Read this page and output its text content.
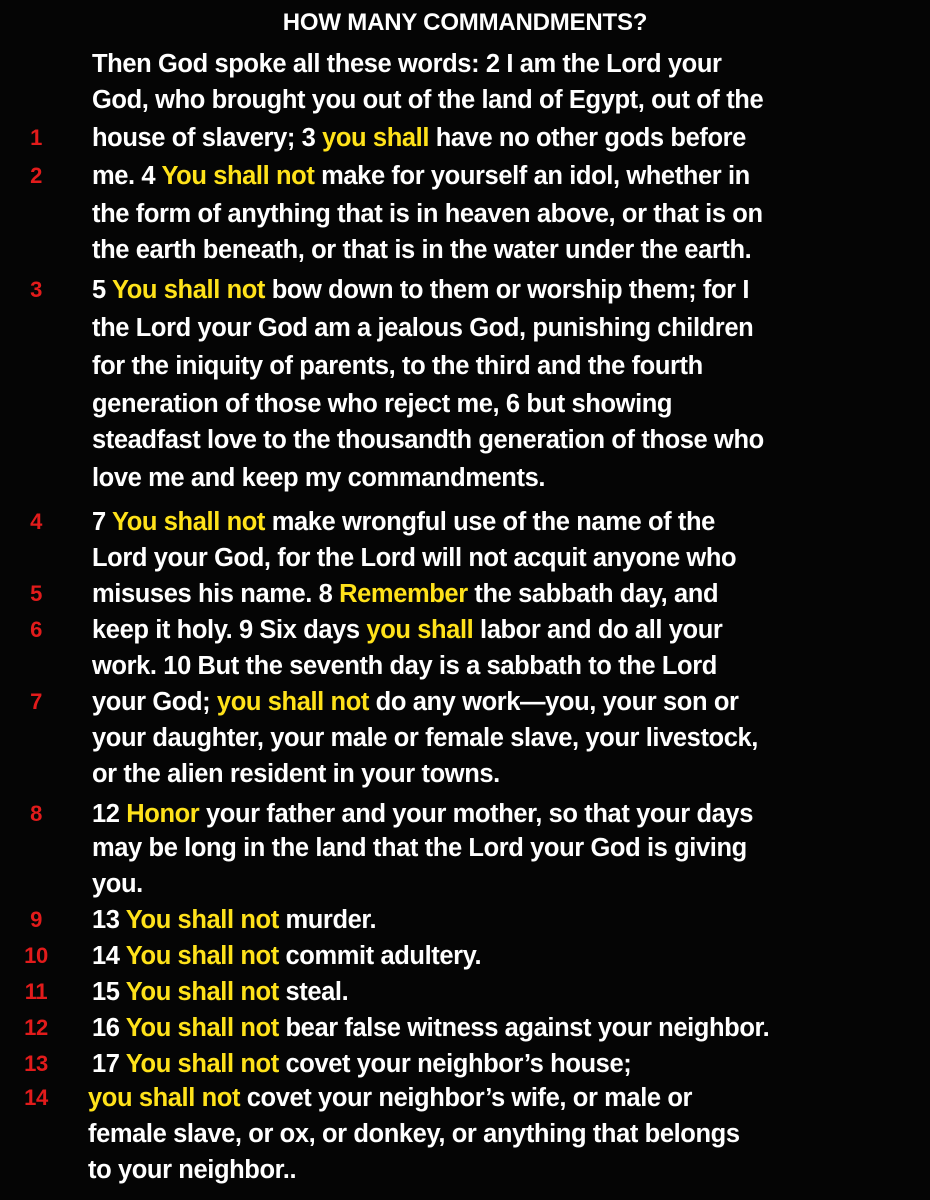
HOW MANY COMMANDMENTS?
Then God spoke all these words: 2 I am the Lord your
God, who brought you out of the land of Egypt, out of the
1	house of slavery; 3 you shall have no other gods before
2	me. 4 You shall not make for yourself an idol, whether in
the form of anything that is in heaven above, or that is on
the earth beneath, or that is in the water under the earth.
3	5 You shall not bow down to them or worship them; for I
the Lord your God am a jealous God, punishing children
for the iniquity of parents, to the third and the fourth
generation of those who reject me, 6 but showing
steadfast love to the thousandth generation of those who
love me and keep my commandments.
4	7 You shall not make wrongful use of the name of the
Lord your God, for the Lord will not acquit anyone who
5	misuses his name. 8 Remember the sabbath day, and
6	keep it holy. 9 Six days you shall labor and do all your
work. 10 But the seventh day is a sabbath to the Lord
7	your God; you shall not do any work—you, your son or
your daughter, your male or female slave, your livestock,
or the alien resident in your towns.
8	12 Honor your father and your mother, so that your days
may be long in the land that the Lord your God is giving
you.
9	13 You shall not murder.
10	14 You shall not commit adultery.
11	15 You shall not steal.
12	16 You shall not bear false witness against your neighbor.
13	17 You shall not covet your neighbor’s house;
14	you shall not covet your neighbor’s wife, or male or
female slave, or ox, or donkey, or anything that belongs
to your neighbor..
